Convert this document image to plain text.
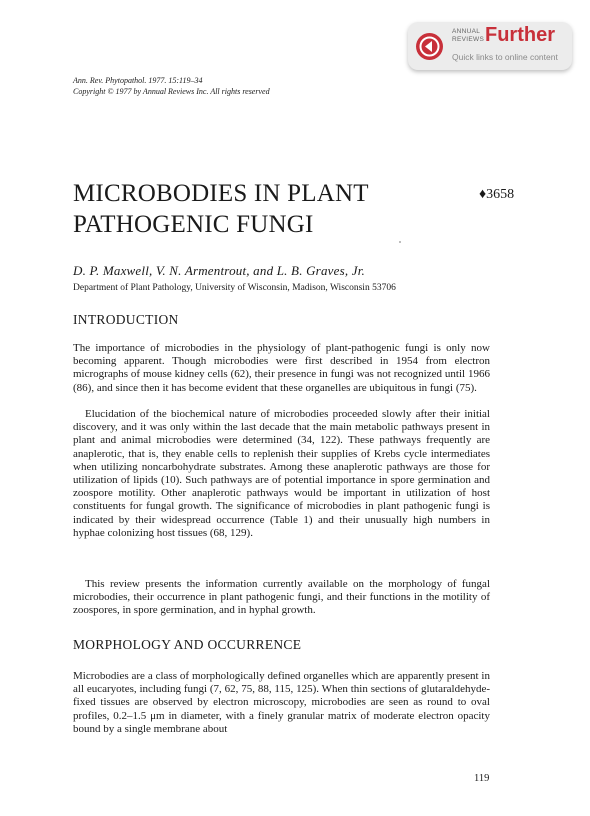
ANNUAL
REVIEWS Further
Quick links to online content
Ann. Rev. Phytopathol. 1977. 15:119–34
Copyright © 1977 by Annual Reviews Inc. All rights reserved
MICROBODIES IN PLANT
PATHOGENIC FUNGI
♦3658
D. P. Maxwell, V. N. Armentrout, and L. B. Graves, Jr.
Department of Plant Pathology, University of Wisconsin, Madison, Wisconsin 53706
INTRODUCTION

The importance of microbodies in the physiology of plant-pathogenic fungi is only now becoming apparent. Though microbodies were first described in 1954 from electron micrographs of mouse kidney cells (62), their presence in fungi was not recognized until 1966 (86), and since then it has become evident that these organelles are ubiquitous in fungi (75).

Elucidation of the biochemical nature of microbodies proceeded slowly after their initial discovery, and it was only within the last decade that the main metabolic pathways present in plant and animal microbodies were determined (34, 122). These pathways frequently are anaplerotic, that is, they enable cells to replenish their supplies of Krebs cycle intermediates when utilizing noncarbohydrate substrates. Among these anaplerotic pathways are those for utilization of lipids (10). Such pathways are of potential importance in spore germination and zoospore motility. Other anaplerotic pathways would be important in utilization of host constituents for fungal growth. The significance of microbodies in plant pathogenic fungi is indicated by their widespread occurrence (Table 1) and their unusually high numbers in hyphae colonizing host tissues (68, 129).

This review presents the information currently available on the morphology of fungal microbodies, their occurrence in plant pathogenic fungi, and their functions in the motility of zoospores, in spore germination, and in hyphal growth.

MORPHOLOGY AND OCCURRENCE

Microbodies are a class of morphologically defined organelles which are apparently present in all eucaryotes, including fungi (7, 62, 75, 88, 115, 125). When thin sections of glutaraldehyde-fixed tissues are observed by electron microscopy, microbodies are seen as round to oval profiles, 0.2–1.5 μm in diameter, with a finely granular matrix of moderate electron opacity bound by a single membrane about

119
